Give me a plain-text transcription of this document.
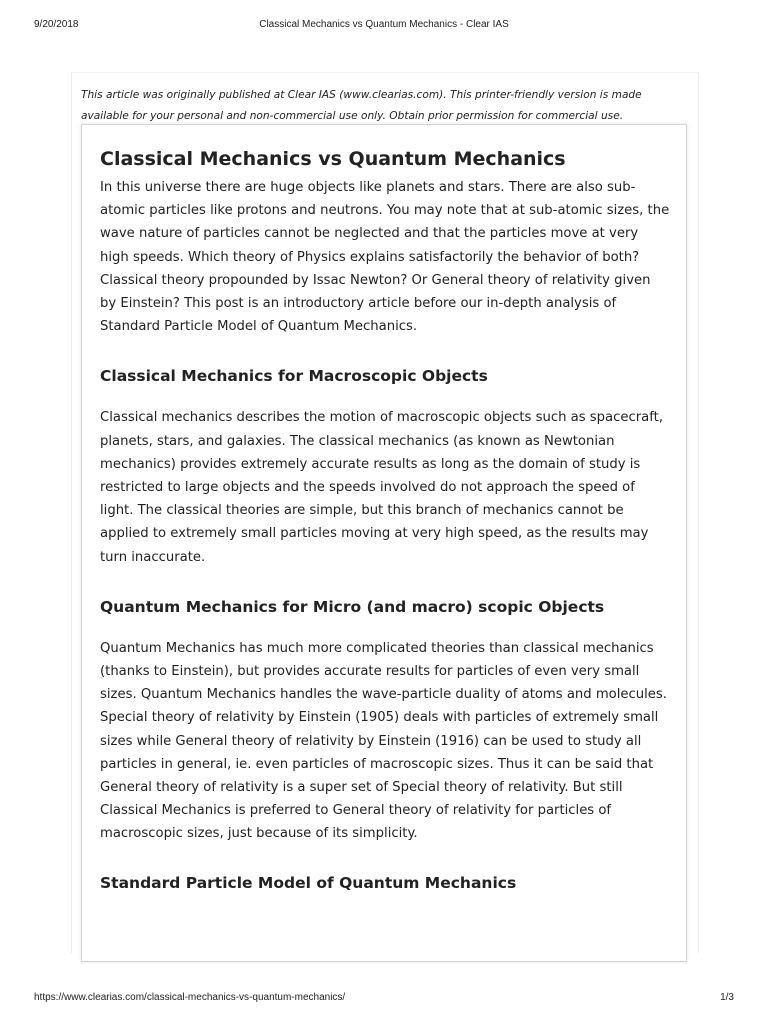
9/20/2018	Classical Mechanics vs Quantum Mechanics - Clear IAS
This article was originally published at Clear IAS (www.clearias.com). This printer-friendly version is made available for your personal and non-commercial use only. Obtain prior permission for commercial use.
Classical Mechanics vs Quantum Mechanics

In this universe there are huge objects like planets and stars. There are also sub-atomic particles like protons and neutrons. You may note that at sub-atomic sizes, the wave nature of particles cannot be neglected and that the particles move at very high speeds. Which theory of Physics explains satisfactorily the behavior of both? Classical theory propounded by Issac Newton? Or General theory of relativity given by Einstein? This post is an introductory article before our in-depth analysis of Standard Particle Model of Quantum Mechanics.

Classical Mechanics for Macroscopic Objects

Classical mechanics describes the motion of macroscopic objects such as spacecraft, planets, stars, and galaxies. The classical mechanics (as known as Newtonian mechanics) provides extremely accurate results as long as the domain of study is restricted to large objects and the speeds involved do not approach the speed of light. The classical theories are simple, but this branch of mechanics cannot be applied to extremely small particles moving at very high speed, as the results may turn inaccurate.

Quantum Mechanics for Micro (and macro) scopic Objects

Quantum Mechanics has much more complicated theories than classical mechanics (thanks to Einstein), but provides accurate results for particles of even very small sizes. Quantum Mechanics handles the wave-particle duality of atoms and molecules. Special theory of relativity by Einstein (1905) deals with particles of extremely small sizes while General theory of relativity by Einstein (1916) can be used to study all particles in general, ie. even particles of macroscopic sizes. Thus it can be said that General theory of relativity is a super set of Special theory of relativity. But still Classical Mechanics is preferred to General theory of relativity for particles of macroscopic sizes, just because of its simplicity.

Standard Particle Model of Quantum Mechanics
https://www.clearias.com/classical-mechanics-vs-quantum-mechanics/	1/3
